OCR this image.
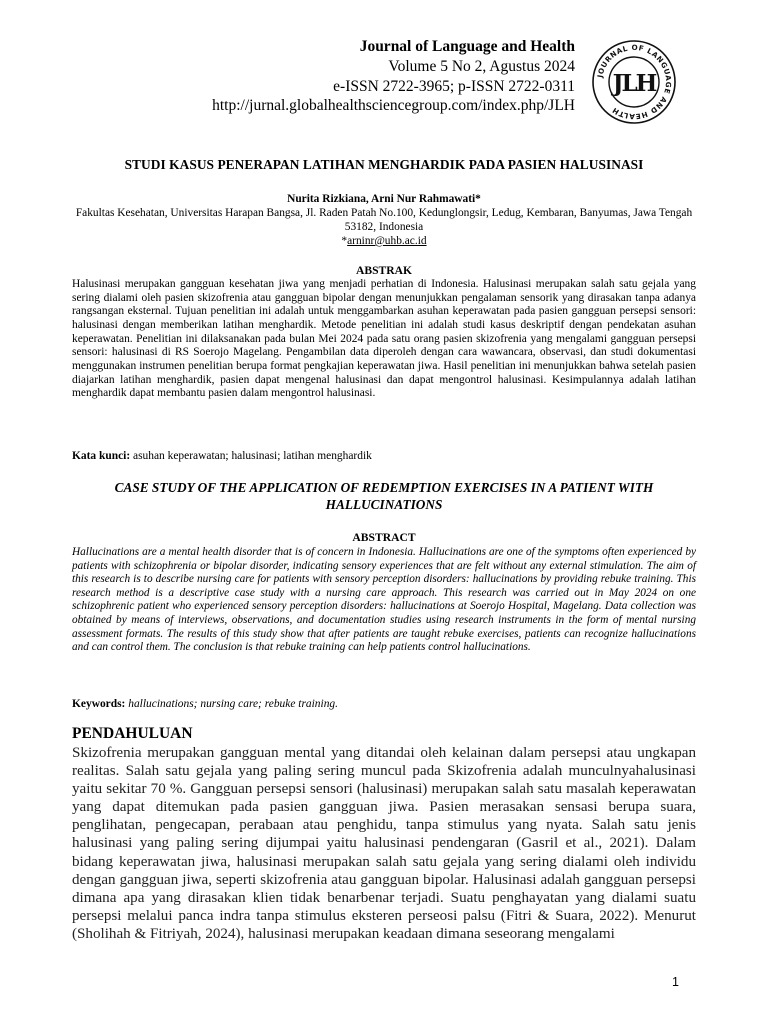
Journal of Language and Health
Volume 5 No 2, Agustus 2024
e-ISSN 2722-3965; p-ISSN 2722-0311
http://jurnal.globalhealthsciencegroup.com/index.php/JLH
JOURNAL OF LANGUAGE AND HEALTH
JLH
STUDI KASUS PENERAPAN LATIHAN MENGHARDIK PADA PASIEN HALUSINASI
Nurita Rizkiana, Arni Nur Rahmawati*
Fakultas Kesehatan, Universitas Harapan Bangsa, Jl. Raden Patah No.100, Kedunglongsir, Ledug, Kembaran, Banyumas, Jawa Tengah 53182, Indonesia
*arninr@uhb.ac.id
ABSTRAK

Halusinasi merupakan gangguan kesehatan jiwa yang menjadi perhatian di Indonesia. Halusinasi merupakan salah satu gejala yang sering dialami oleh pasien skizofrenia atau gangguan bipolar dengan menunjukkan pengalaman sensorik yang dirasakan tanpa adanya rangsangan eksternal. Tujuan penelitian ini adalah untuk menggambarkan asuhan keperawatan pada pasien gangguan persepsi sensori: halusinasi dengan memberikan latihan menghardik. Metode penelitian ini adalah studi kasus deskriptif dengan pendekatan asuhan keperawatan. Penelitian ini dilaksanakan pada bulan Mei 2024 pada satu orang pasien skizofrenia yang mengalami gangguan persepsi sensori: halusinasi di RS Soerojo Magelang. Pengambilan data diperoleh dengan cara wawancara, observasi, dan studi dokumentasi menggunakan instrumen penelitian berupa format pengkajian keperawatan jiwa. Hasil penelitian ini menunjukkan bahwa setelah pasien diajarkan latihan menghardik, pasien dapat mengenal halusinasi dan dapat mengontrol halusinasi. Kesimpulannya adalah latihan menghardik dapat membantu pasien dalam mengontrol halusinasi.

Kata kunci: asuhan keperawatan; halusinasi; latihan menghardik
CASE STUDY OF THE APPLICATION OF REDEMPTION EXERCISES IN A PATIENT WITH HALLUCINATIONS
ABSTRACT

Hallucinations are a mental health disorder that is of concern in Indonesia. Hallucinations are one of the symptoms often experienced by patients with schizophrenia or bipolar disorder, indicating sensory experiences that are felt without any external stimulation. The aim of this research is to describe nursing care for patients with sensory perception disorders: hallucinations by providing rebuke training. This research method is a descriptive case study with a nursing care approach. This research was carried out in May 2024 on one schizophrenic patient who experienced sensory perception disorders: hallucinations at Soerojo Hospital, Magelang. Data collection was obtained by means of interviews, observations, and documentation studies using research instruments in the form of mental nursing assessment formats. The results of this study show that after patients are taught rebuke exercises, patients can recognize hallucinations and can control them. The conclusion is that rebuke training can help patients control hallucinations.

Keywords: hallucinations; nursing care; rebuke training.
PENDAHULUAN

Skizofrenia merupakan gangguan mental yang ditandai oleh kelainan dalam persepsi atau ungkapan realitas. Salah satu gejala yang paling sering muncul pada Skizofrenia adalah munculnyahalusinasi yaitu sekitar 70 %. Gangguan persepsi sensori (halusinasi) merupakan salah satu masalah keperawatan yang dapat ditemukan pada pasien gangguan jiwa. Pasien merasakan sensasi berupa suara, penglihatan, pengecapan, perabaan atau penghidu, tanpa stimulus yang nyata. Salah satu jenis halusinasi yang paling sering dijumpai yaitu halusinasi pendengaran (Gasril et al., 2021). Dalam bidang keperawatan jiwa, halusinasi merupakan salah satu gejala yang sering dialami oleh individu dengan gangguan jiwa, seperti skizofrenia atau gangguan bipolar. Halusinasi adalah gangguan persepsi dimana apa yang dirasakan klien tidak benarbenar terjadi. Suatu penghayatan yang dialami suatu persepsi melalui panca indra tanpa stimulus eksteren perseosi palsu (Fitri & Suara, 2022). Menurut (Sholihah & Fitriyah, 2024), halusinasi merupakan keadaan dimana seseorang mengalami

1
